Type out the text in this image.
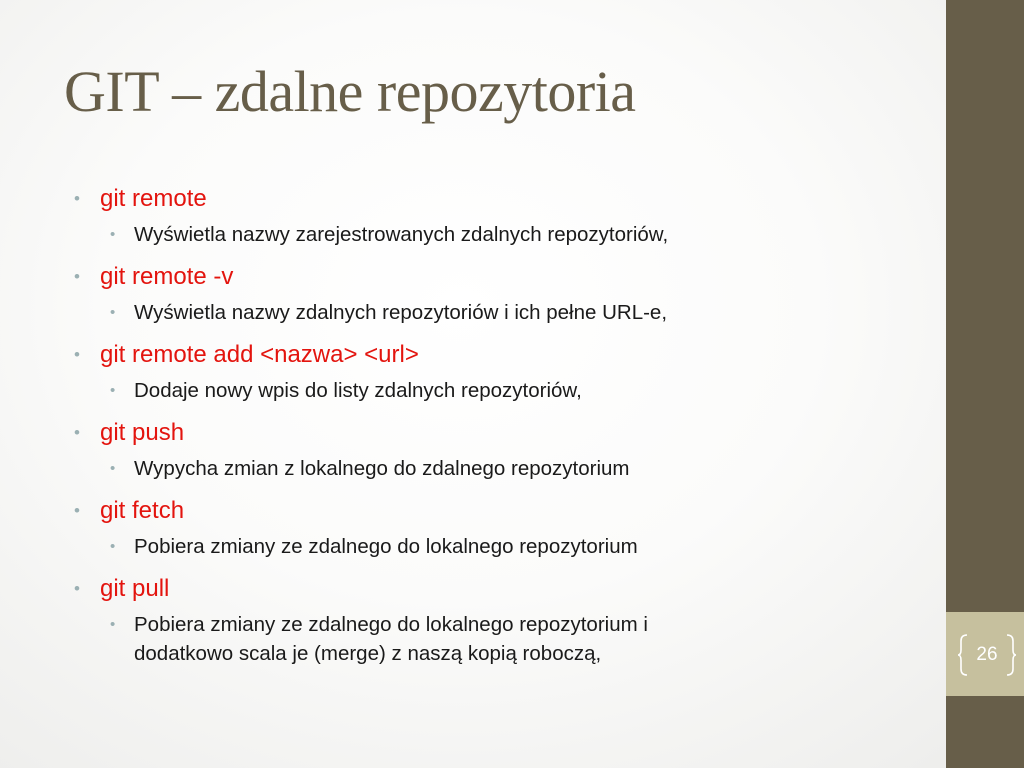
26
GIT – zdalne repozytoria
• git remote
• Wyświetla nazwy zarejestrowanych zdalnych repozytoriów,
• git remote -v
• Wyświetla nazwy zdalnych repozytoriów i ich pełne URL-e,
• git remote add <nazwa> <url>
• Dodaje nowy wpis do listy zdalnych repozytoriów,
• git push
• Wypycha zmian z lokalnego do zdalnego repozytorium
• git fetch
• Pobiera zmiany ze zdalnego do lokalnego repozytorium
• git pull
• Pobiera zmiany ze zdalnego do lokalnego repozytorium i
dodatkowo scala je (merge) z naszą kopią roboczą,
